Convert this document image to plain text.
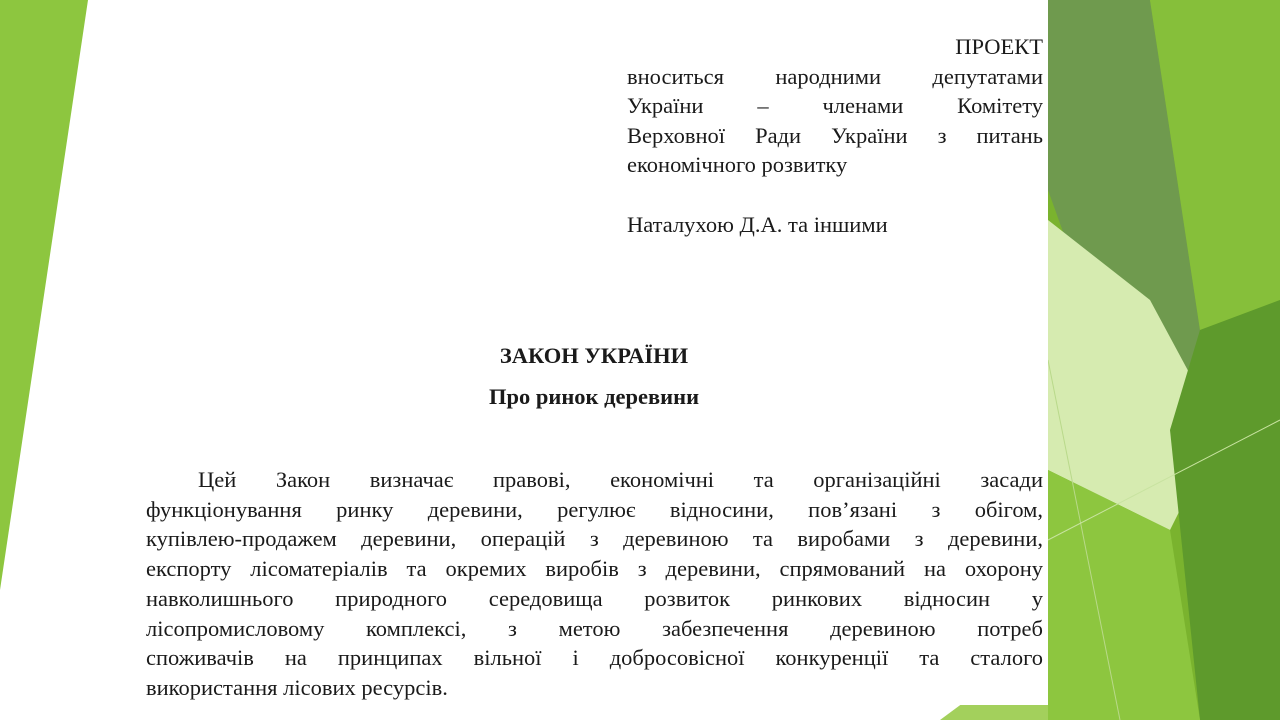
ПРОЕКТ
вноситься народними депутатами
України – членами Комітету
Верховної Ради України з питань
економічного розвитку
Наталухою Д.А. та іншими
ЗАКОН УКРАЇНИ
Про ринок деревини
Цей Закон визначає правові, економічні та організаційні засади
функціонування ринку деревини, регулює відносини, пов’язані з обігом,
купівлею-продажем деревини, операцій з деревиною та виробами з деревини,
експорту лісоматеріалів та окремих виробів з деревини, спрямований на охорону
навколишнього природного середовища розвиток ринкових відносин у
лісопромисловому комплексі, з метою забезпечення деревиною потреб
споживачів на принципах вільної і добросовісної конкуренції та сталого
використання лісових ресурсів.
